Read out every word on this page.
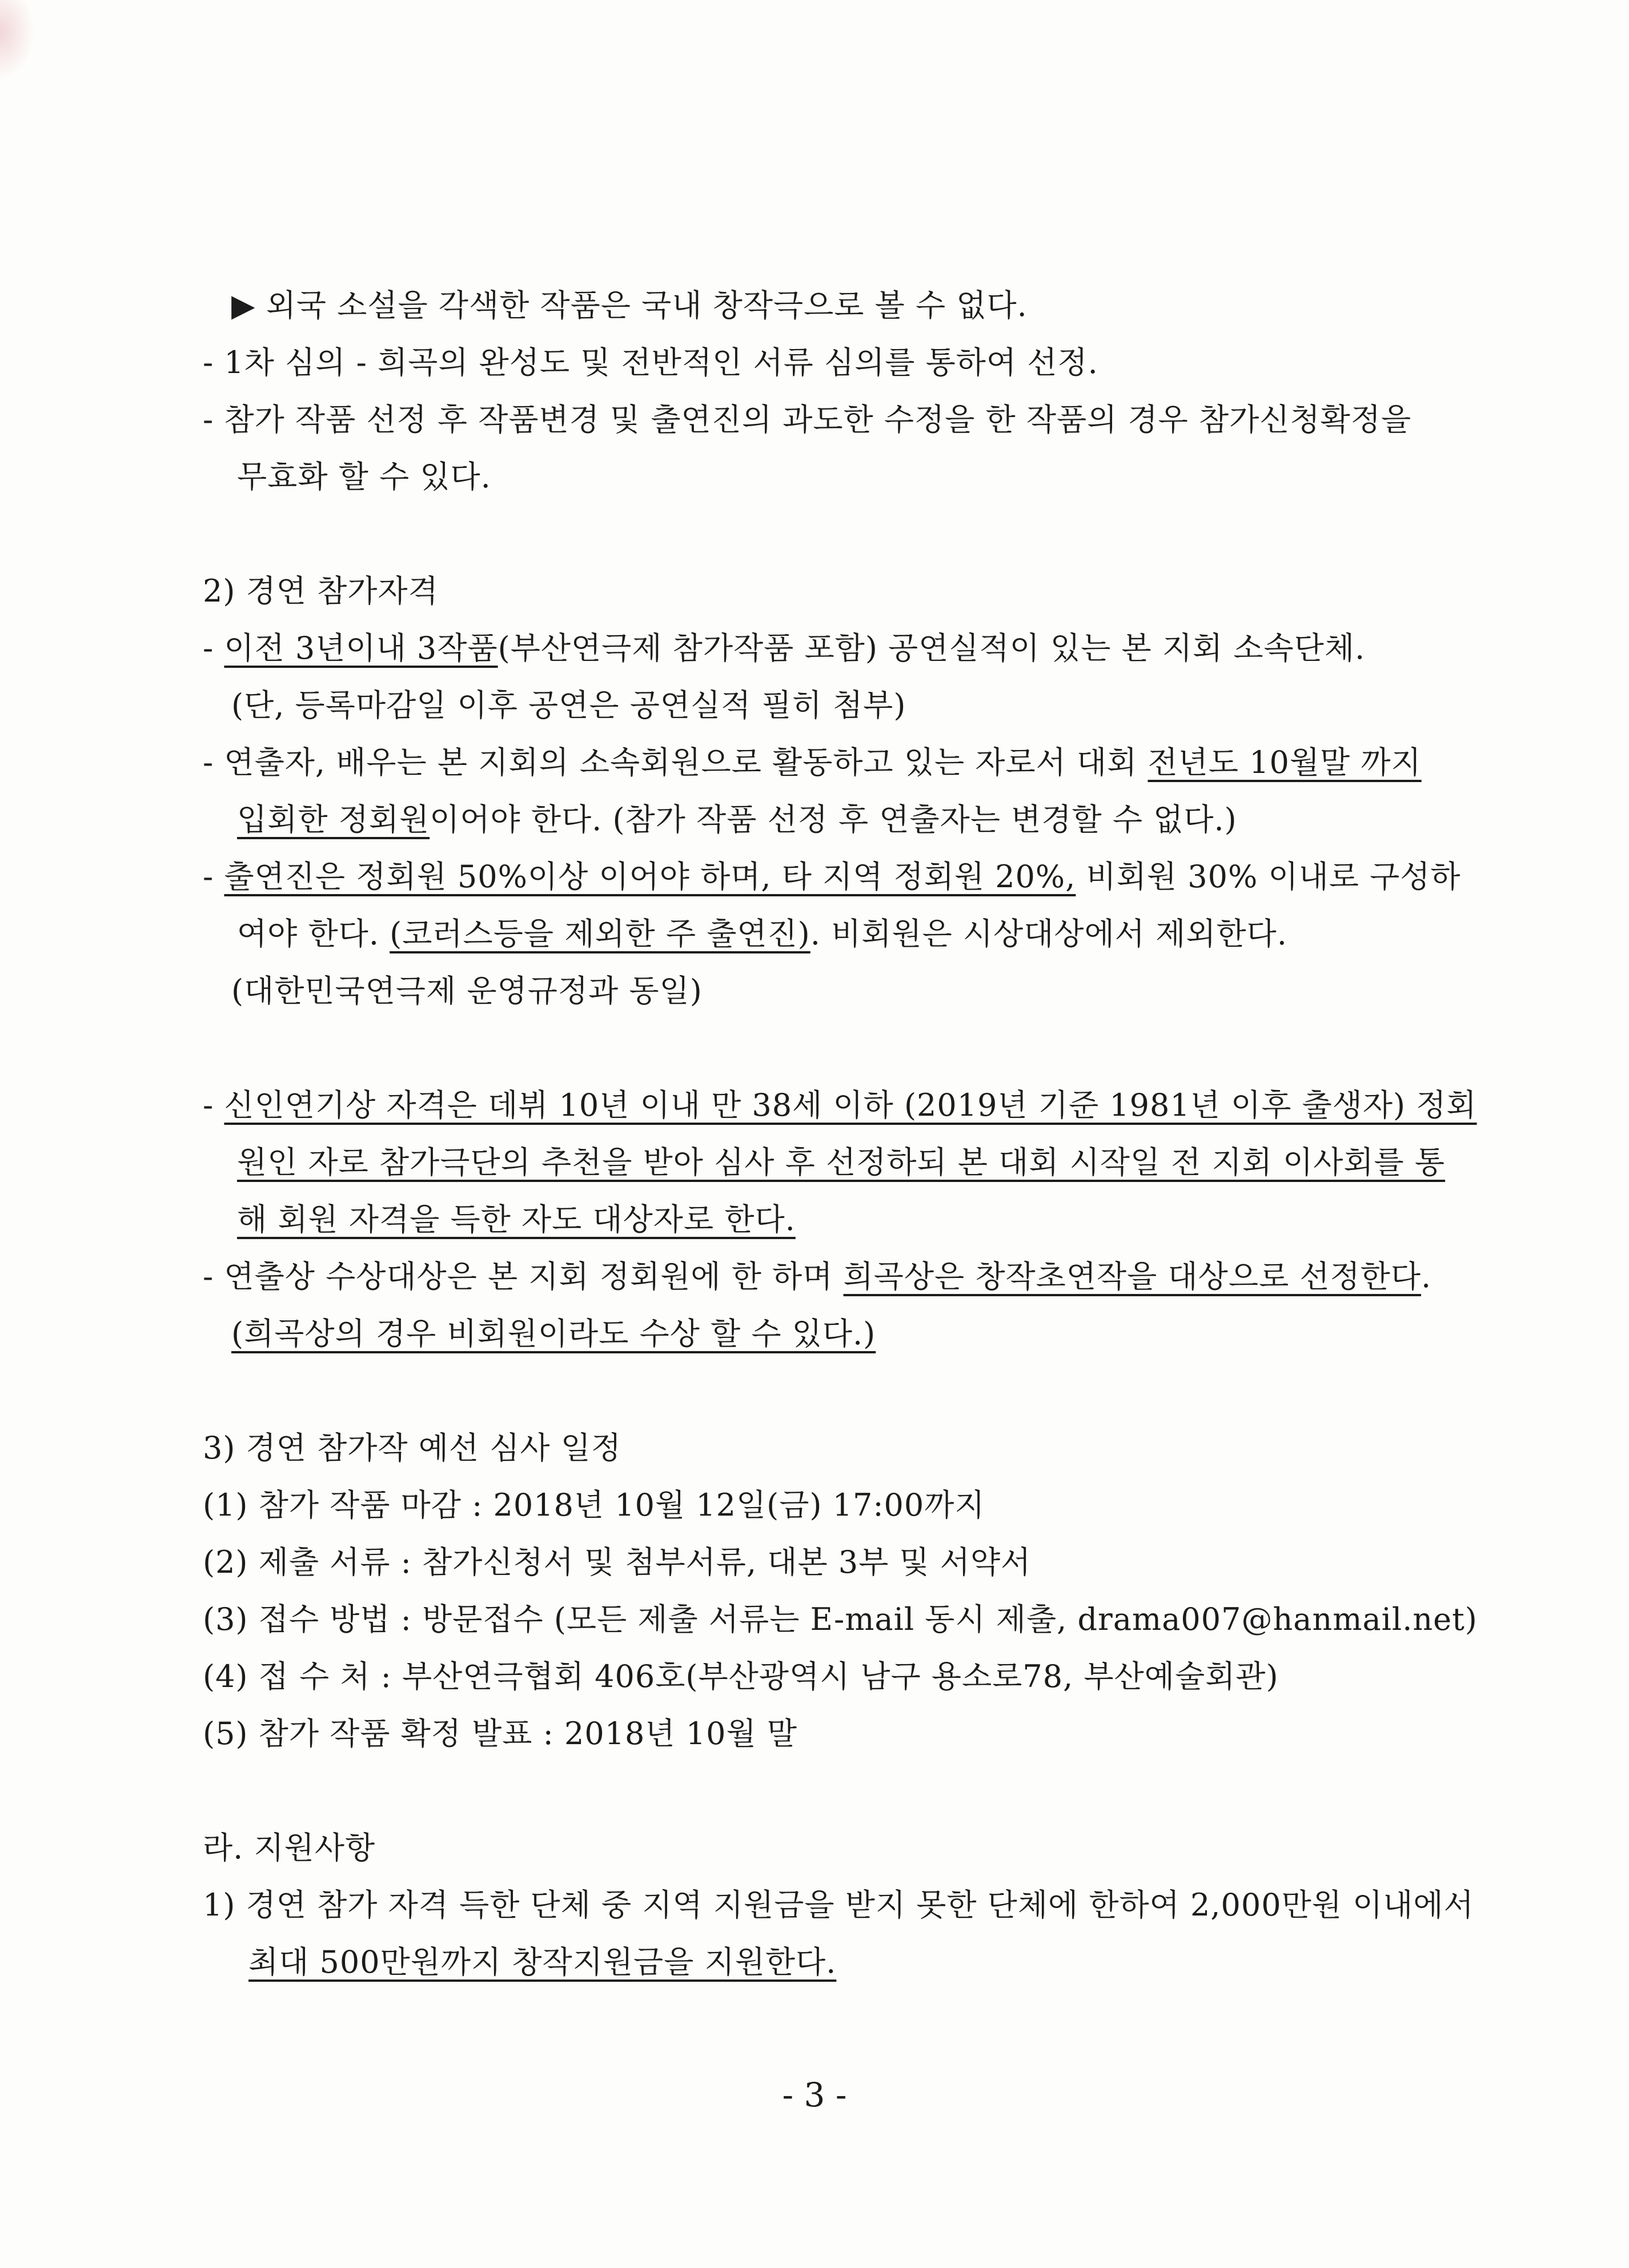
▶ 외국 소설을 각색한 작품은 국내 창작극으로 볼 수 없다.
- 1차 심의 - 희곡의 완성도 및 전반적인 서류 심의를 통하여 선정.
- 참가 작품 선정 후 작품변경 및 출연진의 과도한 수정을 한 작품의 경우 참가신청확정을
무효화 할 수 있다.
2) 경연 참가자격
- 이전 3년이내 3작품(부산연극제 참가작품 포함) 공연실적이 있는 본 지회 소속단체.
(단, 등록마감일 이후 공연은 공연실적 필히 첨부)
- 연출자, 배우는 본 지회의 소속회원으로 활동하고 있는 자로서 대회 전년도 10월말 까지
입회한 정회원이어야 한다. (참가 작품 선정 후 연출자는 변경할 수 없다.)
- 출연진은 정회원 50%이상 이어야 하며, 타 지역 정회원 20%, 비회원 30% 이내로 구성하
여야 한다. (코러스등을 제외한 주 출연진). 비회원은 시상대상에서 제외한다.
(대한민국연극제 운영규정과 동일)
- 신인연기상 자격은 데뷔 10년 이내 만 38세 이하 (2019년 기준 1981년 이후 출생자) 정회
원인 자로 참가극단의 추천을 받아 심사 후 선정하되 본 대회 시작일 전 지회 이사회를 통
해 회원 자격을 득한 자도 대상자로 한다.
- 연출상 수상대상은 본 지회 정회원에 한 하며 희곡상은 창작초연작을 대상으로 선정한다.
(희곡상의 경우 비회원이라도 수상 할 수 있다.)
3) 경연 참가작 예선 심사 일정
(1) 참가 작품 마감 : 2018년 10월 12일(금) 17:00까지
(2) 제출 서류 : 참가신청서 및 첨부서류, 대본 3부 및 서약서
(3) 접수 방법 : 방문접수 (모든 제출 서류는 E-mail 동시 제출, drama007@hanmail.net)
(4) 접 수 처 : 부산연극협회 406호(부산광역시 남구 용소로78, 부산예술회관)
(5) 참가 작품 확정 발표 : 2018년 10월 말
라. 지원사항
1) 경연 참가 자격 득한 단체 중 지역 지원금을 받지 못한 단체에 한하여 2,000만원 이내에서
최대 500만원까지 창작지원금을 지원한다.
- 3 -
